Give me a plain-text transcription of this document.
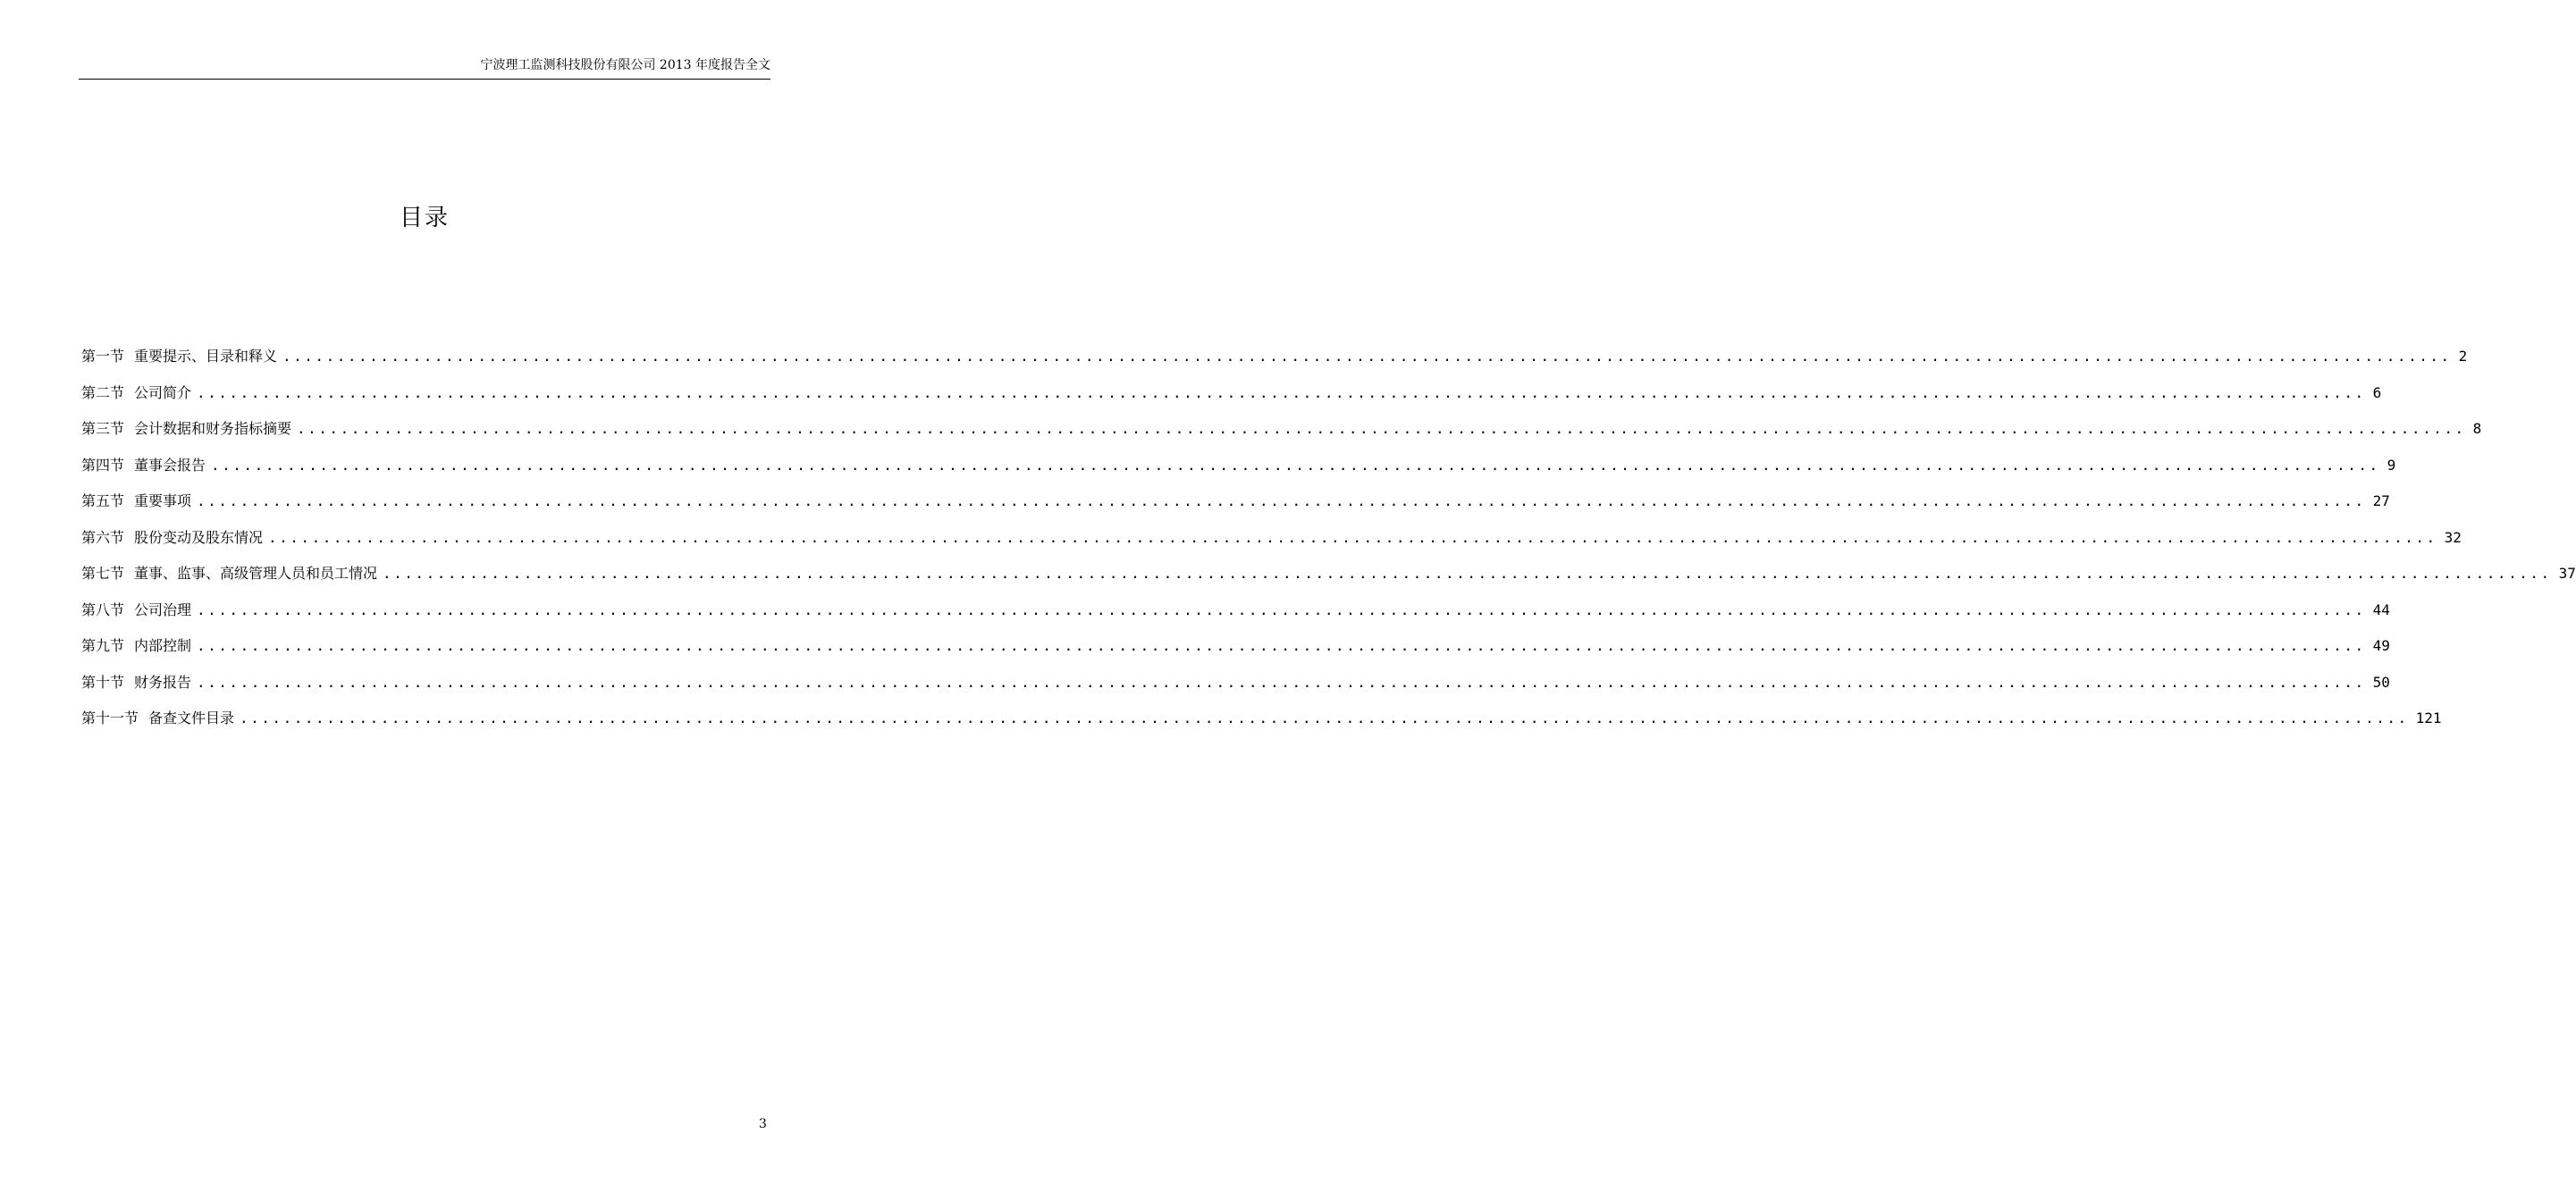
宁波理工监测科技股份有限公司 2013 年度报告全文
目录
第一节 重要提示、目录和释义 ........................................................................................................................................................................................................ 2
第二节 公司简介 ........................................................................................................................................................................................................ 6
第三节 会计数据和财务指标摘要 ........................................................................................................................................................................................................ 8
第四节 董事会报告 ........................................................................................................................................................................................................ 9
第五节 重要事项 ........................................................................................................................................................................................................ 27
第六节 股份变动及股东情况 ........................................................................................................................................................................................................ 32
第七节 董事、监事、高级管理人员和员工情况 ........................................................................................................................................................................................................ 37
第八节 公司治理 ........................................................................................................................................................................................................ 44
第九节 内部控制 ........................................................................................................................................................................................................ 49
第十节 财务报告 ........................................................................................................................................................................................................ 50
第十一节 备查文件目录 ........................................................................................................................................................................................................ 121
3
